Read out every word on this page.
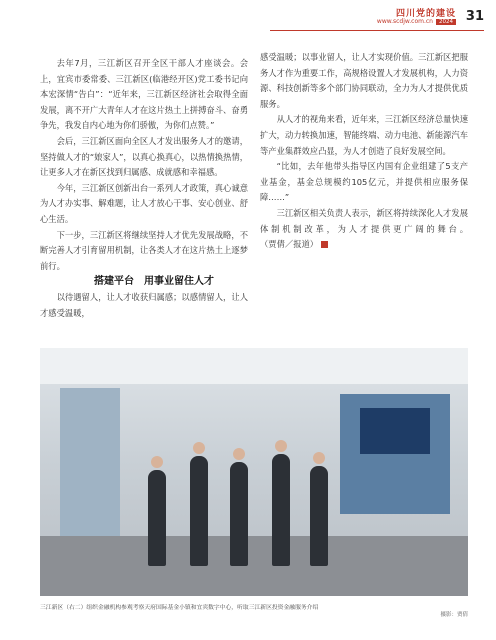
四川党的建设
www.scdjw.com.cn 2024 31

去年7月，三江新区召开全区干部人才座谈会。会上，宜宾市委常委、三江新区(临港经开区)党工委书记向本宏深情“告白”：“近年来，三江新区经济社会取得全面发展，离不开广大青年人才在这片热土上拼搏奋斗、奋勇争先，我发自内心地为你们骄傲，为你们点赞。”

会后，三江新区面向全区人才发出服务人才的邀请，坚持做人才的“娘家人”，以真心换真心，以热情换热情，让更多人才在新区找到归属感、成就感和幸福感。

今年，三江新区创新出台一系列人才政策，真心诚意为人才办实事、解难题，让人才放心干事、安心创业、舒心生活。

下一步，三江新区将继续坚持人才优先发展战略，不断完善人才引育留用机制，让各类人才在这片热土上逐梦前行。

搭建平台　用事业留住人才

以待遇留人，让人才收获归属感；以感情留人，让人才感受温暖，

感受温暖；以事业留人，让人才实现价值。三江新区把服务人才作为重要工作，高规格设置人才发展机构，人力资源、科技创新等多个部门协同联动，全力为人才提供优质服务。

从人才的视角来看，近年来，三江新区经济总量快速扩大，动力转换加速，智能终端、动力电池、新能源汽车等产业集群效应凸显，为人才创造了良好发展空间。

“比如，去年他带头指导区内国有企业组建了5支产业基金，基金总规模约105亿元，并提供相应服务保障……”

三江新区相关负责人表示，新区将持续深化人才发展体制机制改革，为人才提供更广阔的舞台。（贾倩／报道）

三江新区（右二）组织金融机构参观考察天府国际基金小镇和宜宾数字中心，听取三江新区投资金融服务介绍
摄影：贾倩
